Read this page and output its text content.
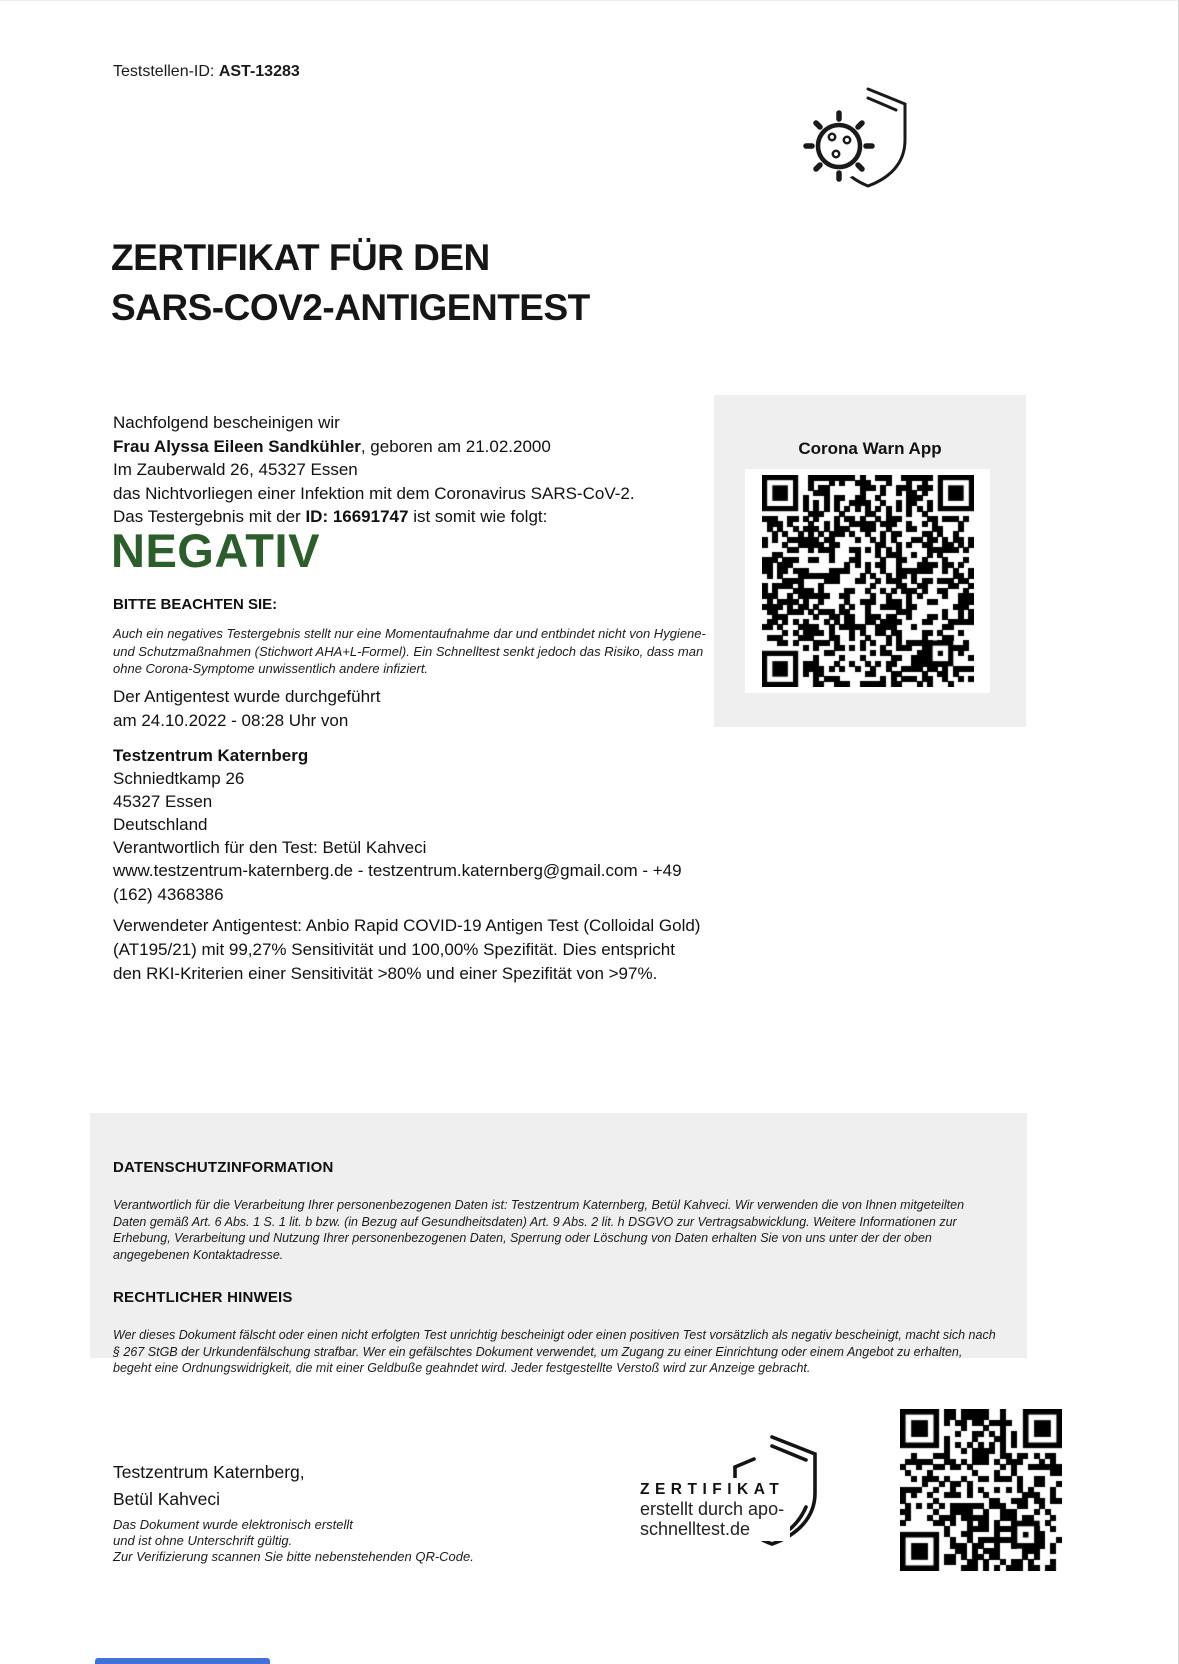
Teststellen-ID: AST-13283
ZERTIFIKAT FÜR DEN
SARS-COV2-ANTIGENTEST
Nachfolgend bescheinigen wir
Frau Alyssa Eileen Sandkühler, geboren am 21.02.2000
Im Zauberwald 26, 45327 Essen
das Nichtvorliegen einer Infektion mit dem Coronavirus SARS-CoV-2.
Das Testergebnis mit der ID: 16691747 ist somit wie folgt:
NEGATIV
BITTE BEACHTEN SIE:
Auch ein negatives Testergebnis stellt nur eine Momentaufnahme dar und entbindet nicht von Hygiene- und Schutzmaßnahmen (Stichwort AHA+L-Formel). Ein Schnelltest senkt jedoch das Risiko, dass man ohne Corona-Symptome unwissentlich andere infiziert.
Der Antigentest wurde durchgeführt
am 24.10.2022 - 08:28 Uhr von
Testzentrum Katernberg
Schniedtkamp 26
45327 Essen
Deutschland
Verantwortlich für den Test: Betül Kahveci
www.testzentrum-katernberg.de - testzentrum.katernberg@gmail.com - +49 (162) 4368386
Verwendeter Antigentest: Anbio Rapid COVID-19 Antigen Test (Colloidal Gold) (AT195/21) mit 99,27% Sensitivität und 100,00% Spezifität. Dies entspricht den RKI-Kriterien einer Sensitivität >80% und einer Spezifität von >97%.
Corona Warn App
DATENSCHUTZINFORMATION
Verantwortlich für die Verarbeitung Ihrer personenbezogenen Daten ist: Testzentrum Katernberg, Betül Kahveci. Wir verwenden die von Ihnen mitgeteilten Daten gemäß Art. 6 Abs. 1 S. 1 lit. b bzw. (in Bezug auf Gesundheitsdaten) Art. 9 Abs. 2 lit. h DSGVO zur Vertragsabwicklung. Weitere Informationen zur Erhebung, Verarbeitung und Nutzung Ihrer personenbezogenen Daten, Sperrung oder Löschung von Daten erhalten Sie von uns unter der der oben angegebenen Kontaktadresse.
RECHTLICHER HINWEIS
Wer dieses Dokument fälscht oder einen nicht erfolgten Test unrichtig bescheinigt oder einen positiven Test vorsätzlich als negativ bescheinigt, macht sich nach § 267 StGB der Urkundenfälschung strafbar. Wer ein gefälschtes Dokument verwendet, um Zugang zu einer Einrichtung oder einem Angebot zu erhalten, begeht eine Ordnungswidrigkeit, die mit einer Geldbuße geahndet wird. Jeder festgestellte Verstoß wird zur Anzeige gebracht.
Testzentrum Katernberg,
Betül Kahveci
Das Dokument wurde elektronisch erstellt
und ist ohne Unterschrift gültig.
Zur Verifizierung scannen Sie bitte nebenstehenden QR-Code.
ZERTIFIKAT
erstellt durch apo-
schnelltest.de
